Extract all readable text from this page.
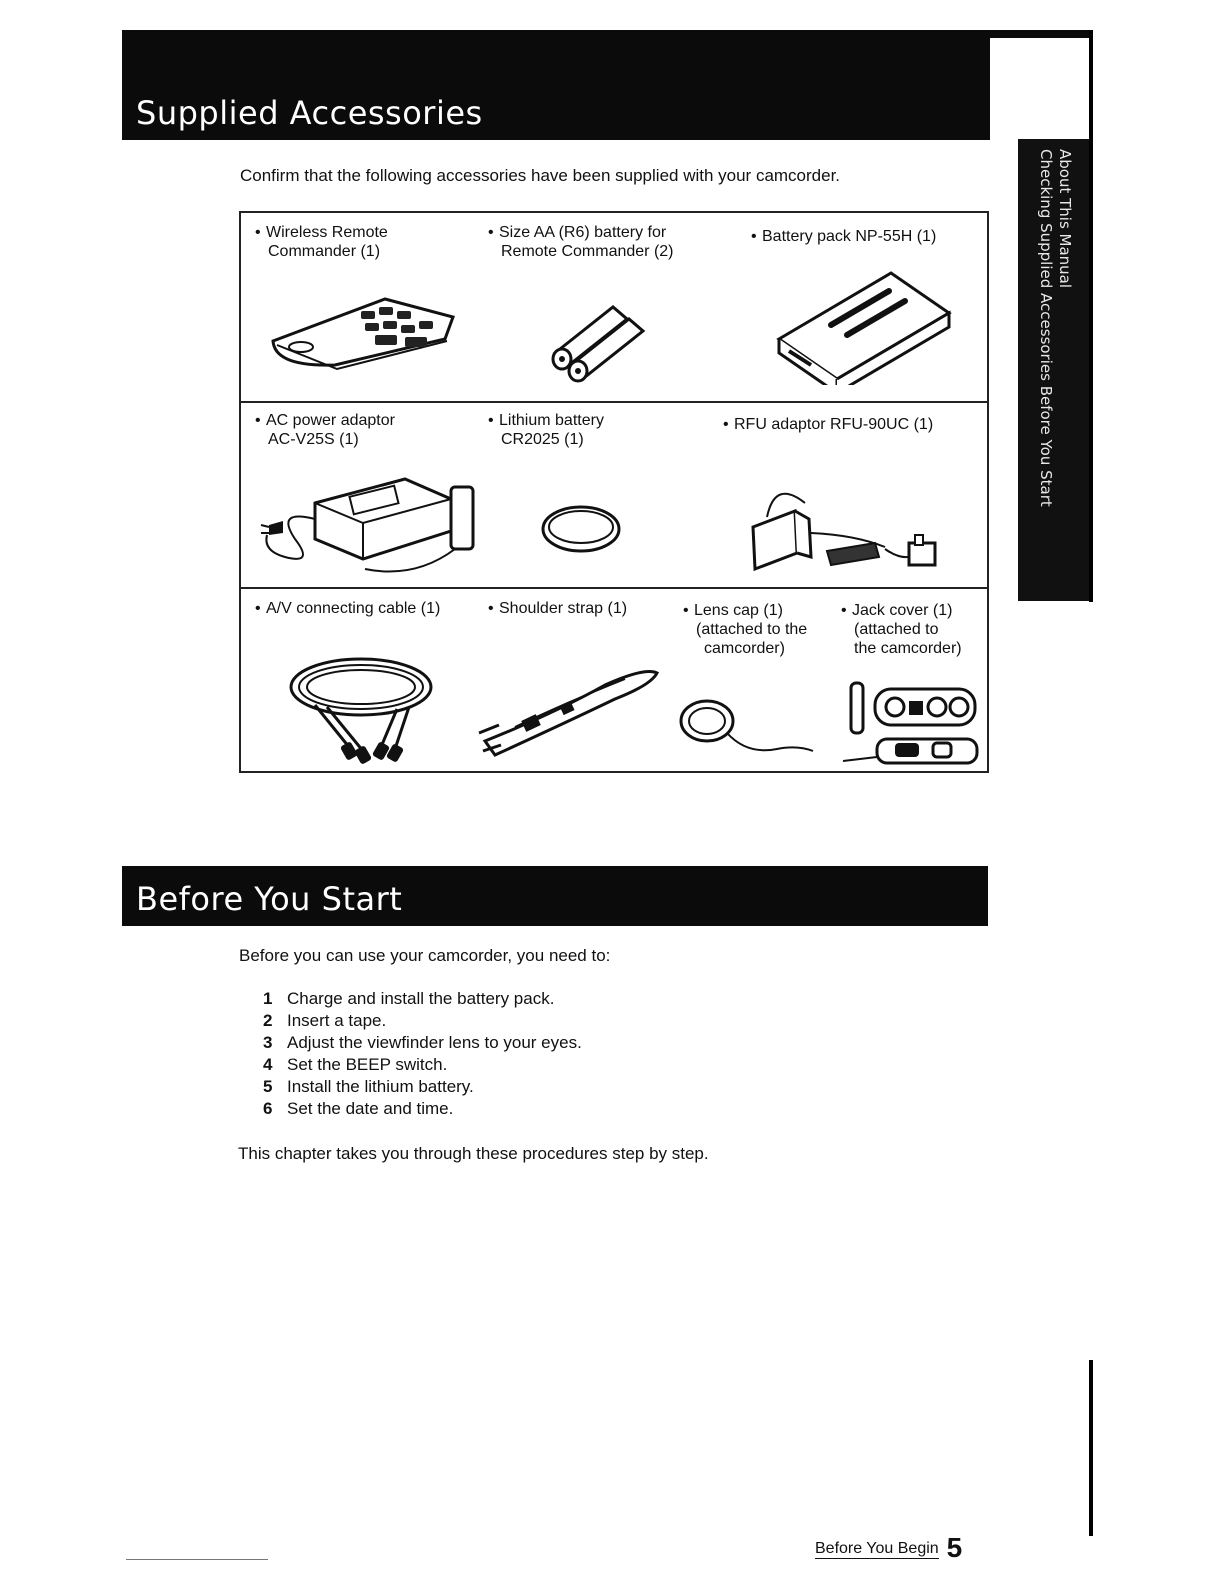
Supplied Accessories
About This Manual
Checking Supplied Accessories Before You Start
Confirm that the following accessories have been supplied with your camcorder.
• Wireless Remote
Commander (1)
• Size AA (R6) battery for
Remote Commander (2)
• Battery pack NP-55H (1)
• AC power adaptor
AC-V25S (1)
• Lithium battery
CR2025 (1)
• RFU adaptor RFU-90UC (1)
• A/V connecting cable (1)	• Shoulder strap (1)	• Lens cap (1)
(attached to the
camcorder)
• Jack cover (1)
(attached to
the camcorder)
Before You Start
Before you can use your camcorder, you need to:
1 Charge and install the battery pack.
2 Insert a tape.
3 Adjust the viewfinder lens to your eyes.
4 Set the BEEP switch.
5 Install the lithium battery.
6 Set the date and time.
This chapter takes you through these procedures step by step.
Before You Begin 5
